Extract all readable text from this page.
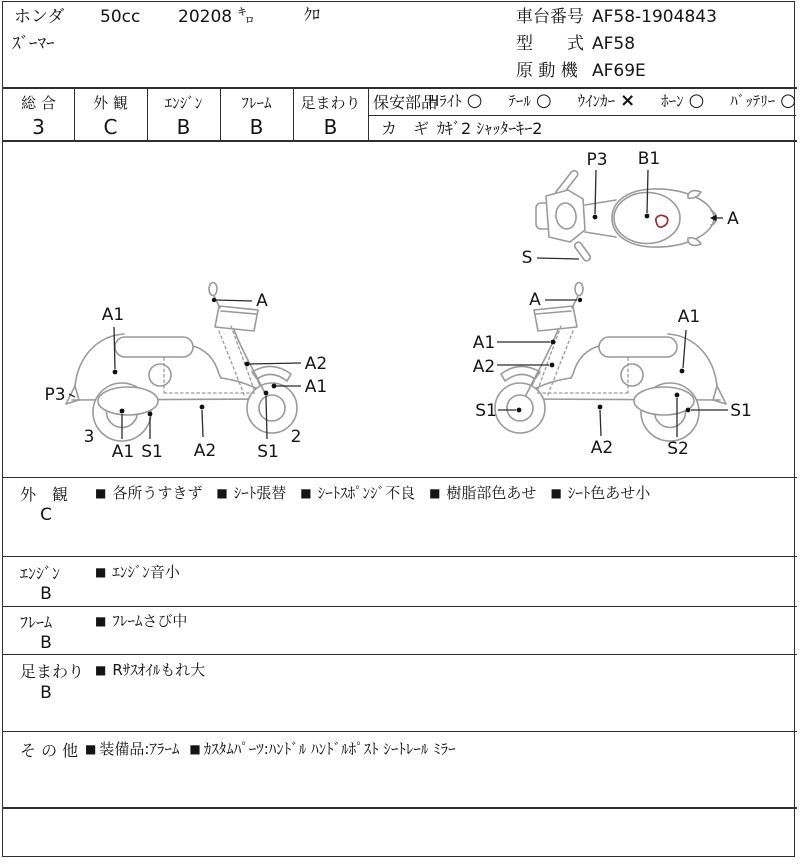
ホンダ 50cc 20208 ㌔	ｸﾛ
ｽﾞｰﾏｰ
車台番号 AF58-1904843
型　　式 AF58
原 動 機 AF69E
総 合
3
外 観
C
ｴﾝｼﾞﾝ
B
ﾌﾚｰﾑ
B
足まわり
B
保安部品
Hﾗｲﾄ ○ ﾃｰﾙ ○ ｳｲﾝｶｰ × ﾎｰﾝ ○ ﾊﾞｯﾃﾘｰ ○
カ　ギ ｶｷﾞ2 ｼｬｯﾀｰｷｰ2
P3 B1
A
S
A
A1
A2
A1
P3
3
A1 S1 A2 S1
2
A
A1
A2
S1
A1
A2	S2
S1
外　観
C
■ 各所うすきず	■ ｼｰﾄ張替	■ ｼｰﾄｽﾎﾟﾝｼﾞ不良	■ 樹脂部色あせ	■ ｼｰﾄ色あせ小
ｴﾝｼﾞﾝ
B
■ ｴﾝｼﾞﾝ音小
ﾌﾚｰﾑ
B
■ ﾌﾚｰﾑさび中
足まわり
B
■ Rｻｽｵｲﾙもれ大
そ の 他	■ 装備品:ｱﾗｰﾑ	■ ｶｽﾀﾑﾊﾟｰﾂ:ﾊﾝﾄﾞﾙ ﾊﾝﾄﾞﾙﾎﾟｽﾄ ｼｰﾄﾚｰﾙ ﾐﾗｰ
